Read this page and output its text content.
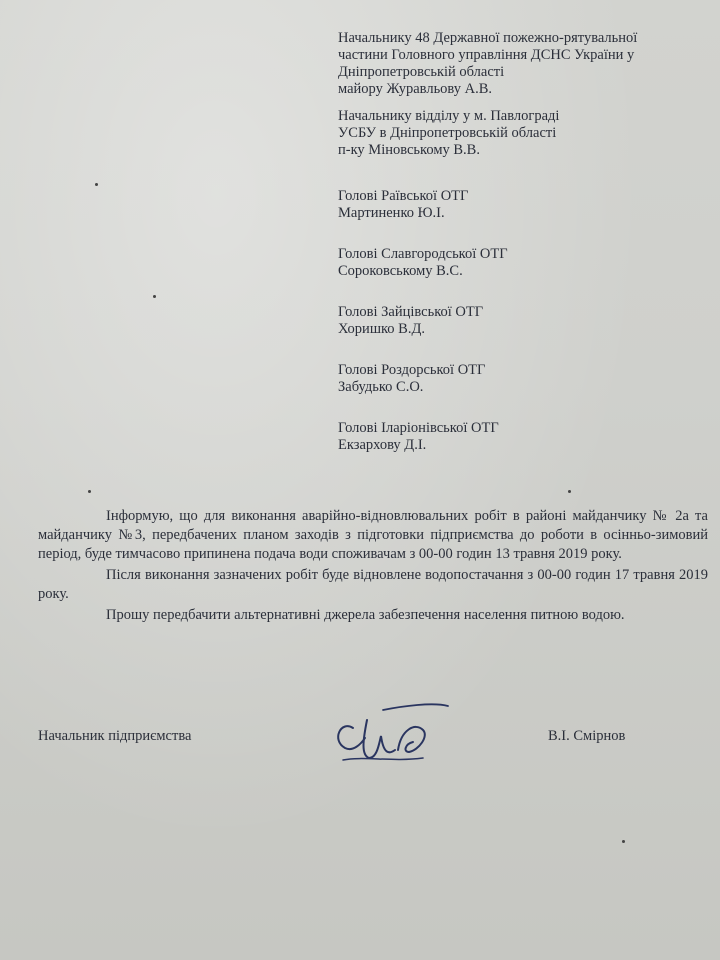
Начальнику 48 Державної пожежно-рятувальної
частини Головного управління ДСНС України у
Дніпропетровській області
майору Журавльову А.В.
Начальнику відділу у м. Павлограді
УСБУ в Дніпропетровській області
п-ку Міновському В.В.
Голові Раївської ОТГ
Мартиненко Ю.І.
Голові Славгородської ОТГ
Сороковському В.С.
Голові Зайцівської ОТГ
Хоришко В.Д.
Голові Роздорської ОТГ
Забудько С.О.
Голові Іларіонівської ОТГ
Екзархову Д.І.

Інформую, що для виконання аварійно-відновлювальних робіт в районі майданчику № 2а та майданчику №3, передбачених планом заходів з підготовки підприємства до роботи в осінньо-зимовий період, буде тимчасово припинена подача води споживачам з 00-00 годин 13 травня 2019 року.

Після виконання зазначених робіт буде відновлене водопостачання з 00-00 годин 17 травня 2019 року.

Прошу передбачити альтернативні джерела забезпечення населення питною водою.

Начальник підприємства	В.І. Смірнов
